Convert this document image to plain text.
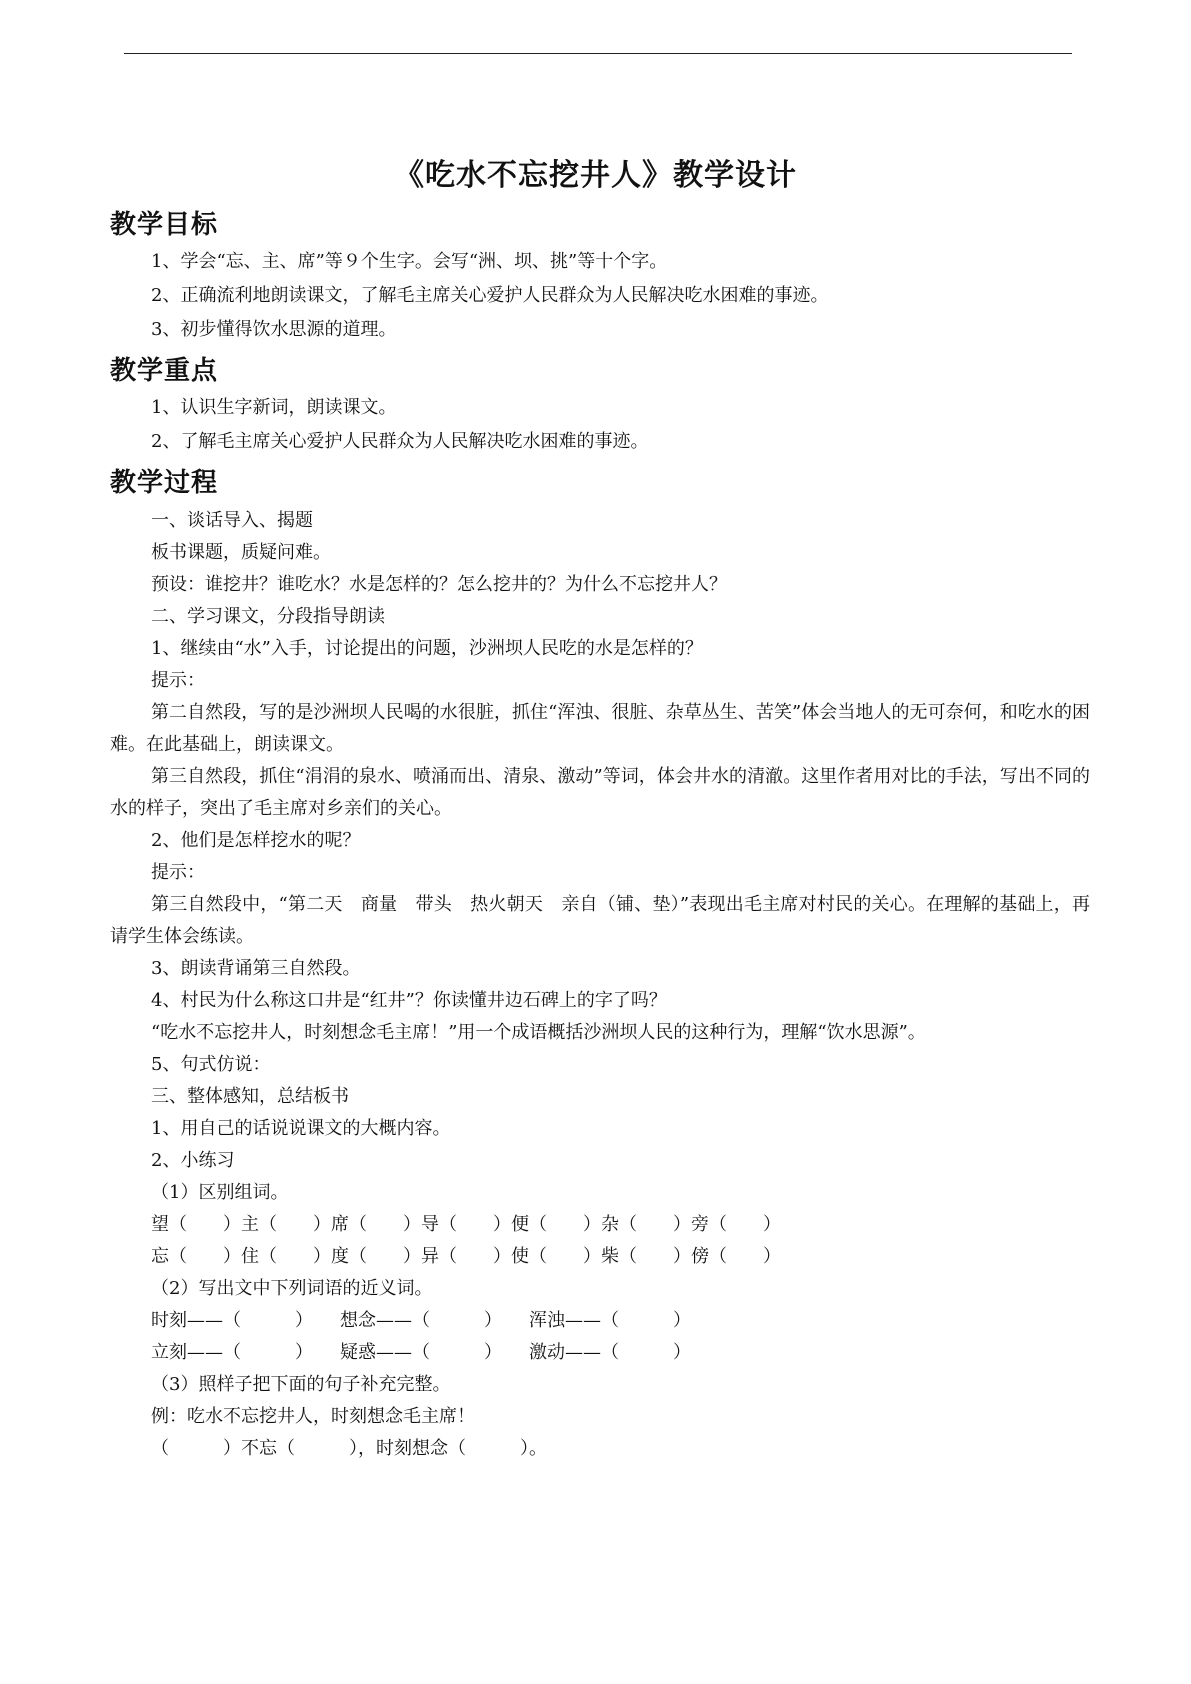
《吃水不忘挖井人》教学设计
教学目标
1、学会“忘、主、席”等９个生字。会写“洲、坝、挑”等十个字。
2、正确流利地朗读课文，了解毛主席关心爱护人民群众为人民解决吃水困难的事迹。
3、初步懂得饮水思源的道理。
教学重点
1、认识生字新词，朗读课文。
2、了解毛主席关心爱护人民群众为人民解决吃水困难的事迹。
教学过程
一、谈话导入、揭题
板书课题，质疑问难。
预设：谁挖井？谁吃水？水是怎样的？怎么挖井的？为什么不忘挖井人？
二、学习课文，分段指导朗读
1、继续由“水”入手，讨论提出的问题，沙洲坝人民吃的水是怎样的？
提示：
第二自然段，写的是沙洲坝人民喝的水很脏，抓住“浑浊、很脏、杂草丛生、苦笑”体会当地人的无可奈何，和吃水的困难。在此基础上，朗读课文。
第三自然段，抓住“涓涓的泉水、喷涌而出、清泉、激动”等词，体会井水的清澈。这里作者用对比的手法，写出不同的水的样子，突出了毛主席对乡亲们的关心。
2、他们是怎样挖水的呢？
提示：
第三自然段中，“第二天　商量　带头　热火朝天　亲自（铺、垫）”表现出毛主席对村民的关心。在理解的基础上，再请学生体会练读。
3、朗读背诵第三自然段。
4、村民为什么称这口井是“红井”？你读懂井边石碑上的字了吗？
“吃水不忘挖井人，时刻想念毛主席！”用一个成语概括沙洲坝人民的这种行为，理解“饮水思源”。
5、句式仿说：
三、整体感知，总结板书
1、用自己的话说说课文的大概内容。
2、小练习
（1）区别组词。
望（　　）主（　　）席（　　）导（　　）便（　　）杂（　　）旁（　　）
忘（　　）住（　　）度（　　）异（　　）使（　　）柴（　　）傍（　　）
（2）写出文中下列词语的近义词。
时刻——（　　　）　　想念——（　　　）　　浑浊——（　　　）
立刻——（　　　）　　疑惑——（　　　）　　激动——（　　　）
（3）照样子把下面的句子补充完整。
例：吃水不忘挖井人，时刻想念毛主席！
（　　　）不忘（　　　），时刻想念（　　　）。
